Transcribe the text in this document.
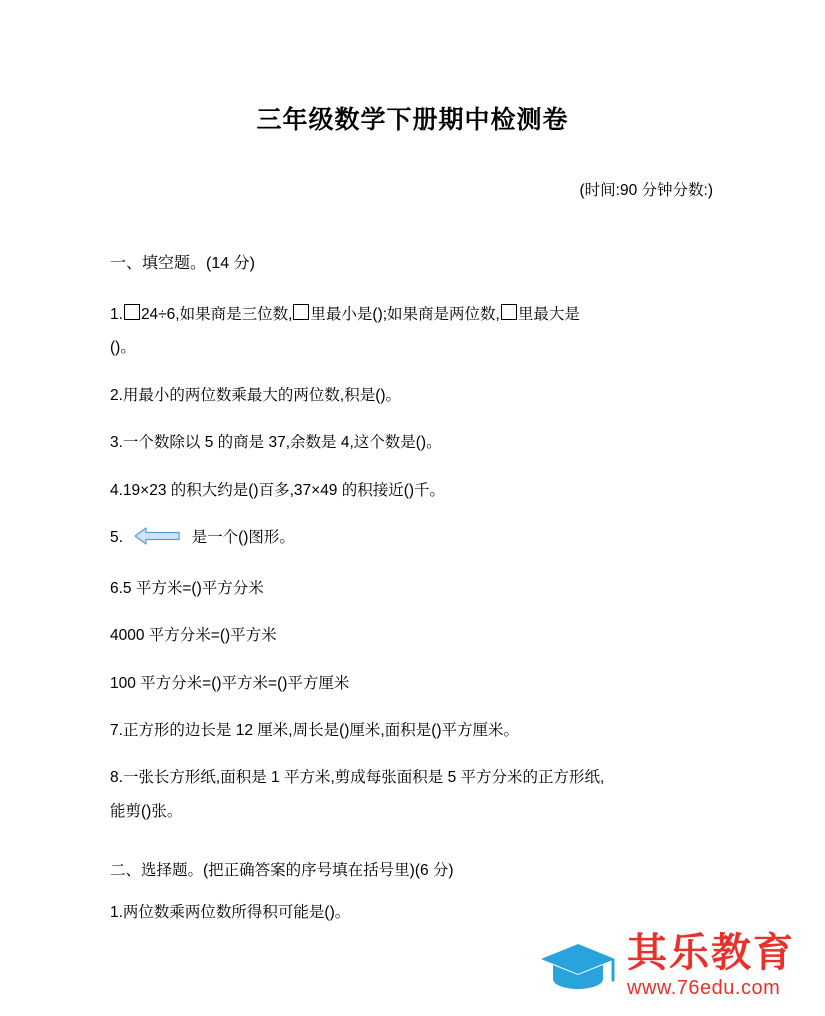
三年级数学下册期中检测卷
(时间:90 分钟分数:)
一、填空题。(14 分)
1. 24÷6,如果商是三位数, 里最小是();如果商是两位数, 里最大是
()。
2.用最小的两位数乘最大的两位数,积是()。
3.一个数除以 5 的商是 37,余数是 4,这个数是()。
4.19×23 的积大约是()百多,37×49 的积接近()千。
5.	是一个()图形。
6.5 平方米=()平方分米
4000 平方分米=()平方米
100 平方分米=()平方米=()平方厘米
7.正方形的边长是 12 厘米,周长是()厘米,面积是()平方厘米。
8.一张长方形纸,面积是 1 平方米,剪成每张面积是 5 平方分米的正方形纸,
能剪()张。
二、选择题。(把正确答案的序号填在括号里)(6 分)
1.两位数乘两位数所得积可能是()。
其乐教育
www.76edu.com
